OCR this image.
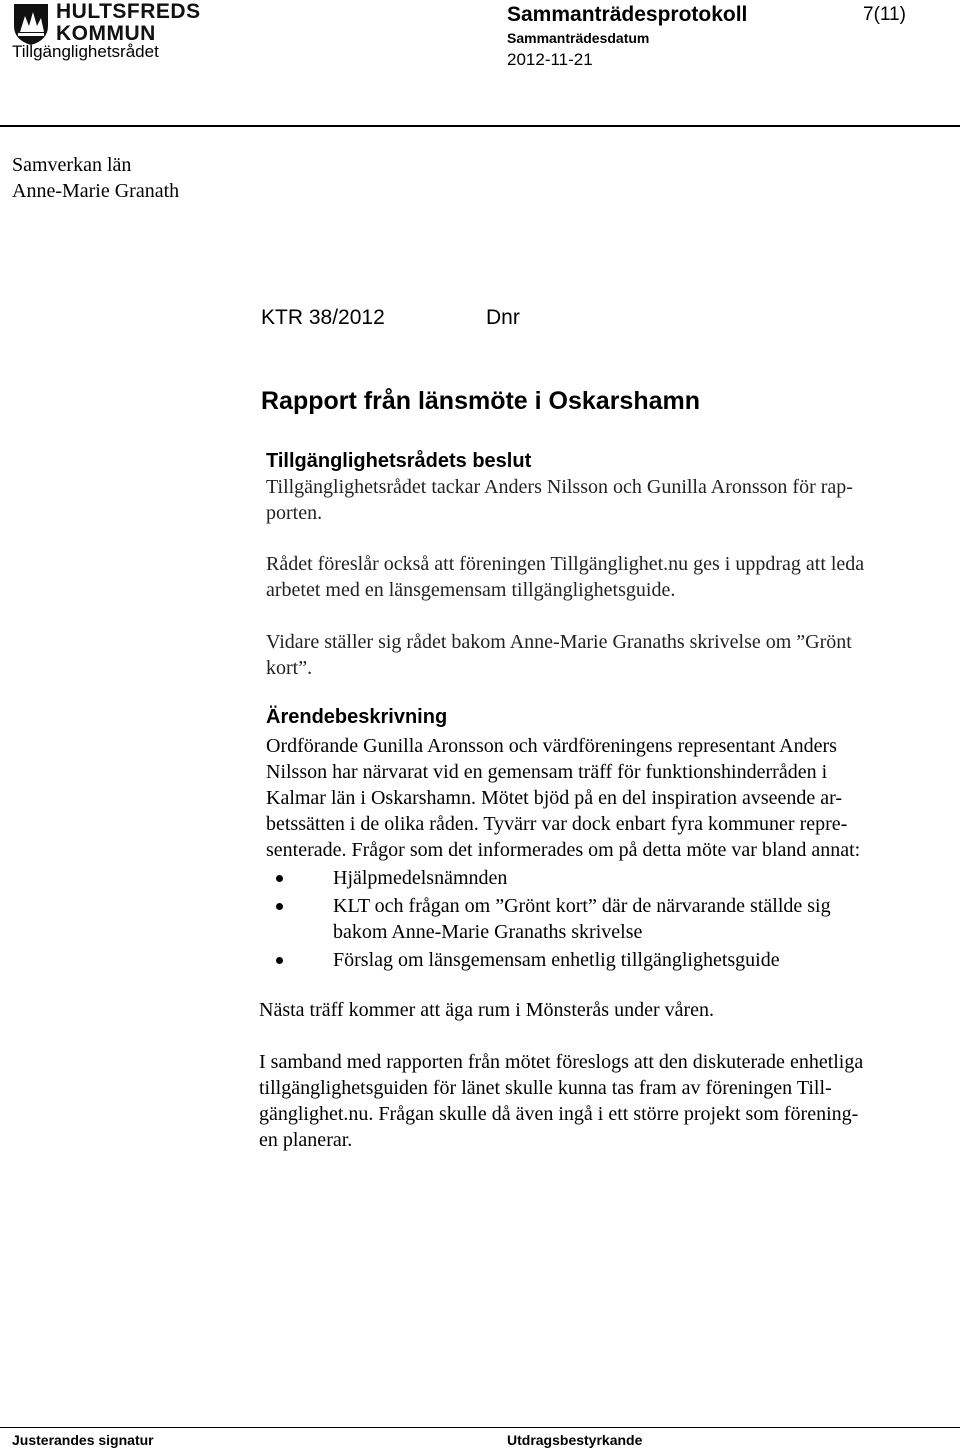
HULTSFREDS
KOMMUN
Tillgänglighetsrådet
Sammanträdesprotokoll
Sammanträdesdatum
2012-11-21
7(11)
Samverkan län
Anne-Marie Granath
KTR 38/2012	Dnr
Rapport från länsmöte i Oskarshamn
Tillgänglighetsrådets beslut
Tillgänglighetsrådet tackar Anders Nilsson och Gunilla Aronsson för rap-
porten.
Rådet föreslår också att föreningen Tillgänglighet.nu ges i uppdrag att leda
arbetet med en länsgemensam tillgänglighetsguide.
Vidare ställer sig rådet bakom Anne-Marie Granaths skrivelse om ”Grönt
kort”.
Ärendebeskrivning
Ordförande Gunilla Aronsson och värdföreningens representant Anders
Nilsson har närvarat vid en gemensam träff för funktionshinderråden i
Kalmar län i Oskarshamn. Mötet bjöd på en del inspiration avseende ar-
betssätten i de olika råden. Tyvärr var dock enbart fyra kommuner repre-
senterade. Frågor som det informerades om på detta möte var bland annat:
Hjälpmedelsnämnden
KLT och frågan om ”Grönt kort” där de närvarande ställde sig
bakom Anne-Marie Granaths skrivelse
Förslag om länsgemensam enhetlig tillgänglighetsguide
Nästa träff kommer att äga rum i Mönsterås under våren.
I samband med rapporten från mötet föreslogs att den diskuterade enhetliga
tillgänglighetsguiden för länet skulle kunna tas fram av föreningen Till-
gänglighet.nu. Frågan skulle då även ingå i ett större projekt som förening-
en planerar.
Justerandes signatur	Utdragsbestyrkande
